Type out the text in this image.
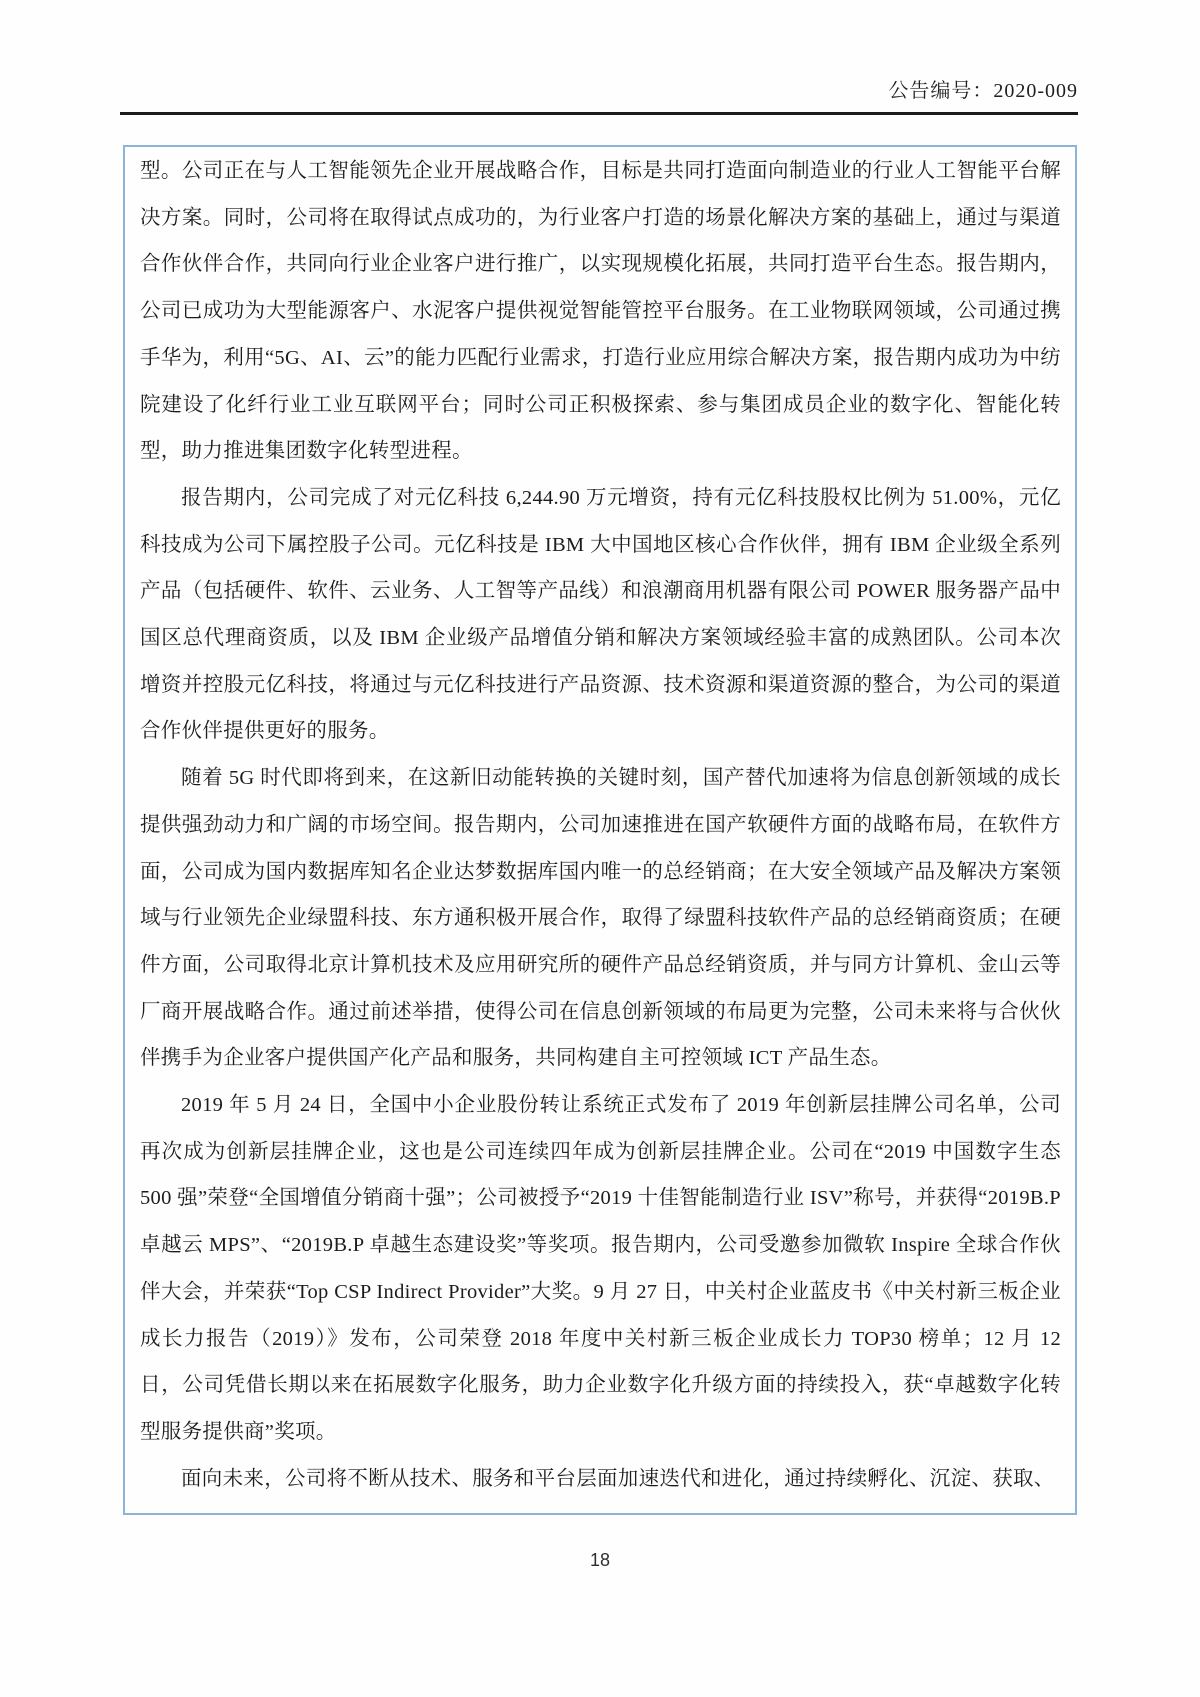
公告编号：2020-009

型。公司正在与人工智能领先企业开展战略合作，目标是共同打造面向制造业的行业人工智能平台解决方案。同时，公司将在取得试点成功的，为行业客户打造的场景化解决方案的基础上，通过与渠道合作伙伴合作，共同向行业企业客户进行推广，以实现规模化拓展，共同打造平台生态。报告期内，公司已成功为大型能源客户、水泥客户提供视觉智能管控平台服务。在工业物联网领域，公司通过携手华为，利用“5G、AI、云”的能力匹配行业需求，打造行业应用综合解决方案，报告期内成功为中纺院建设了化纤行业工业互联网平台；同时公司正积极探索、参与集团成员企业的数字化、智能化转型，助力推进集团数字化转型进程。

报告期内，公司完成了对元亿科技 6,244.90 万元增资，持有元亿科技股权比例为 51.00%，元亿科技成为公司下属控股子公司。元亿科技是 IBM 大中国地区核心合作伙伴，拥有 IBM 企业级全系列产品（包括硬件、软件、云业务、人工智等产品线）和浪潮商用机器有限公司 POWER 服务器产品中国区总代理商资质，以及 IBM 企业级产品增值分销和解决方案领域经验丰富的成熟团队。公司本次增资并控股元亿科技，将通过与元亿科技进行产品资源、技术资源和渠道资源的整合，为公司的渠道合作伙伴提供更好的服务。

随着 5G 时代即将到来，在这新旧动能转换的关键时刻，国产替代加速将为信息创新领域的成长提供强劲动力和广阔的市场空间。报告期内，公司加速推进在国产软硬件方面的战略布局，在软件方面，公司成为国内数据库知名企业达梦数据库国内唯一的总经销商；在大安全领域产品及解决方案领域与行业领先企业绿盟科技、东方通积极开展合作，取得了绿盟科技软件产品的总经销商资质；在硬件方面，公司取得北京计算机技术及应用研究所的硬件产品总经销资质，并与同方计算机、金山云等厂商开展战略合作。通过前述举措，使得公司在信息创新领域的布局更为完整，公司未来将与合伙伙伴携手为企业客户提供国产化产品和服务，共同构建自主可控领域 ICT 产品生态。

2019 年 5 月 24 日，全国中小企业股份转让系统正式发布了 2019 年创新层挂牌公司名单，公司再次成为创新层挂牌企业，这也是公司连续四年成为创新层挂牌企业。公司在“2019 中国数字生态 500 强”荣登“全国增值分销商十强”；公司被授予“2019 十佳智能制造行业 ISV”称号，并获得“2019B.P 卓越云 MPS”、“2019B.P 卓越生态建设奖”等奖项。报告期内，公司受邀参加微软 Inspire 全球合作伙伴大会，并荣获“Top CSP Indirect Provider”大奖。9 月 27 日，中关村企业蓝皮书《中关村新三板企业成长力报告（2019）》发布，公司荣登 2018 年度中关村新三板企业成长力 TOP30 榜单；12 月 12 日，公司凭借长期以来在拓展数字化服务，助力企业数字化升级方面的持续投入，获“卓越数字化转型服务提供商”奖项。

面向未来，公司将不断从技术、服务和平台层面加速迭代和进化，通过持续孵化、沉淀、获取、

18
